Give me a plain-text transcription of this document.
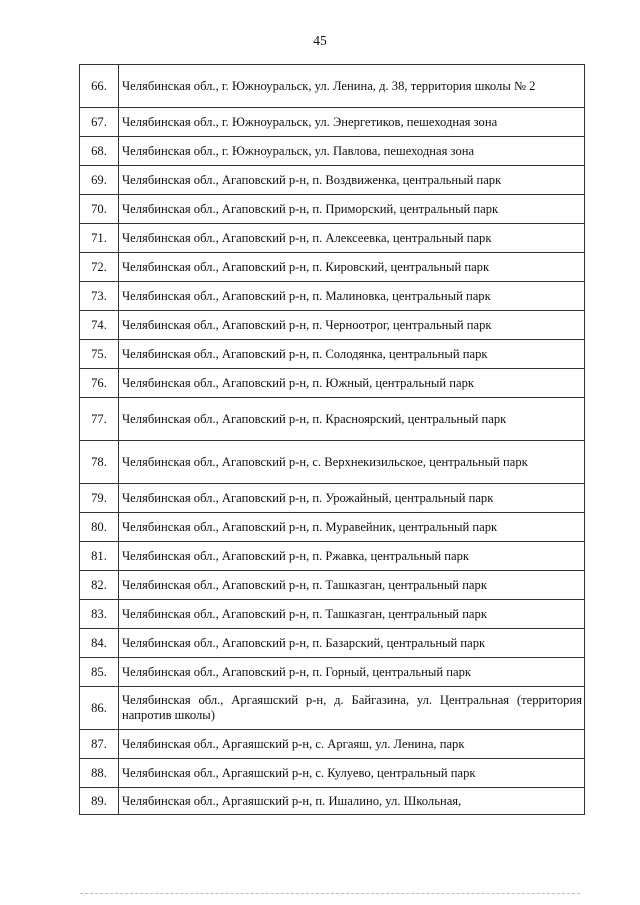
45
66.	Челябинская обл., г. Южноуральск, ул. Ленина, д. 38, территория школы № 2
67.	Челябинская обл., г. Южноуральск, ул. Энергетиков, пешеходная зона
68.	Челябинская обл., г. Южноуральск, ул. Павлова, пешеходная зона
69.	Челябинская обл., Агаповский р-н, п. Воздвиженка, центральный парк
70.	Челябинская обл., Агаповский р-н, п. Приморский, центральный парк
71.	Челябинская обл., Агаповский р-н, п. Алексеевка, центральный парк
72.	Челябинская обл., Агаповский р-н, п. Кировский, центральный парк
73.	Челябинская обл., Агаповский р-н, п. Малиновка, центральный парк
74.	Челябинская обл., Агаповский р-н, п. Черноотрог, центральный парк
75.	Челябинская обл., Агаповский р-н, п. Солодянка, центральный парк
76.	Челябинская обл., Агаповский р-н, п. Южный, центральный парк
77.	Челябинская обл., Агаповский р-н, п. Красноярский, центральный парк
78.	Челябинская обл., Агаповский р-н, с. Верхнекизильское, центральный парк
79.	Челябинская обл., Агаповский р-н, п. Урожайный, центральный парк
80.	Челябинская обл., Агаповский р-н, п. Муравейник, центральный парк
81.	Челябинская обл., Агаповский р-н, п. Ржавка, центральный парк
82.	Челябинская обл., Агаповский р-н, п. Ташказган, центральный парк
83.	Челябинская обл., Агаповский р-н, п. Ташказган, центральный парк
84.	Челябинская обл., Агаповский р-н, п. Базарский, центральный парк
85.	Челябинская обл., Агаповский р-н, п. Горный, центральный парк
86.	Челябинская обл., Аргаяшский р-н, д. Байгазина, ул. Центральная (территория напротив школы)
87.	Челябинская обл., Аргаяшский р-н, с. Аргаяш, ул. Ленина, парк
88.	Челябинская обл., Аргаяшский р-н, с. Кулуево, центральный парк
89.	Челябинская обл., Аргаяшский р-н, п. Ишалино, ул. Школьная,
